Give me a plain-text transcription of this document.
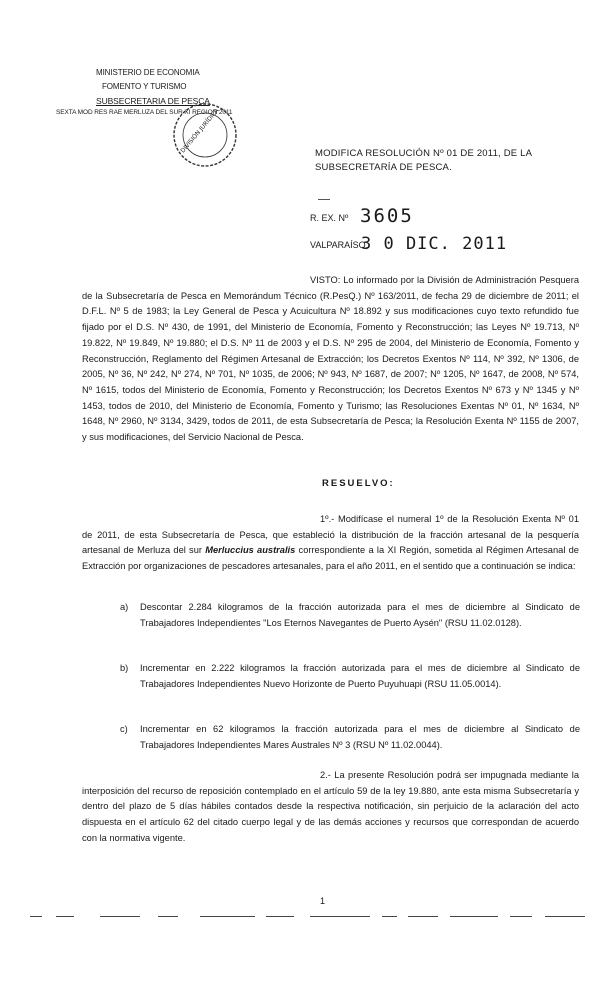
MINISTERIO DE ECONOMIA
FOMENTO Y TURISMO
SUBSECRETARIA DE PESCA
SEXTA MOD RES RAE MERLUZA DEL SUR XI REGION 2011
DIVISIÓN JURÍDICA	MODIFICA RESOLUCIÓN Nº 01 DE 2011, DE LA SUBSECRETARÍA DE PESCA.
R. EX. Nº 3605
VALPARAÍSO,
3 0 DIC. 2011
VISTO: Lo informado por la División de Administración Pesquera de la Subsecretaría de Pesca en Memorándum Técnico (R.PesQ.) Nº 163/2011, de fecha 29 de diciembre de 2011; el D.F.L. Nº 5 de 1983; la Ley General de Pesca y Acuicultura Nº 18.892 y sus modificaciones cuyo texto refundido fue fijado por el D.S. Nº 430, de 1991, del Ministerio de Economía, Fomento y Reconstrucción; las Leyes Nº 19.713, Nº 19.822, Nº 19.849, Nº 19.880; el D.S. Nº 11 de 2003 y el D.S. Nº 295 de 2004, del Ministerio de Economía, Fomento y Reconstrucción, Reglamento del Régimen Artesanal de Extracción; los Decretos Exentos Nº 114, Nº 392, Nº 1306, de 2005, Nº 36, Nº 242, Nº 274, Nº 701, Nº 1035, de 2006; Nº 943, Nº 1687, de 2007; Nº 1205, Nº 1647, de 2008, Nº 574, Nº 1615, todos del Ministerio de Economía, Fomento y Reconstrucción; los Decretos Exentos Nº 673 y Nº 1345 y Nº 1453, todos de 2010, del Ministerio de Economía, Fomento y Turismo; las Resoluciones Exentas Nº 01, Nº 1634, Nº 1648, Nº 2960, Nº 3134, 3429, todos de 2011, de esta Subsecretaría de Pesca; la Resolución Exenta Nº 1155 de 2007, y sus modificaciones, del Servicio Nacional de Pesca.
RESUELVO:
1º.- Modifícase el numeral 1º de la Resolución Exenta Nº 01 de 2011, de esta Subsecretaría de Pesca, que estableció la distribución de la fracción artesanal de la pesquería artesanal de Merluza del sur Merluccius australis correspondiente a la XI Región, sometida al Régimen Artesanal de Extracción por organizaciones de pescadores artesanales, para el año 2011, en el sentido que a continuación se indica:
a) Descontar 2.284 kilogramos de la fracción autorizada para el mes de diciembre al Sindicato de Trabajadores Independientes "Los Eternos Navegantes de Puerto Aysén" (RSU 11.02.0128).
b) Incrementar en 2.222 kilogramos la fracción autorizada para el mes de diciembre al Sindicato de Trabajadores Independientes Nuevo Horizonte de Puerto Puyuhuapi (RSU 11.05.0014).
c) Incrementar en 62 kilogramos la fracción autorizada para el mes de diciembre al Sindicato de Trabajadores Independientes Mares Australes Nº 3 (RSU Nº 11.02.0044).
2.- La presente Resolución podrá ser impugnada mediante la interposición del recurso de reposición contemplado en el artículo 59 de la ley 19.880, ante esta misma Subsecretaría y dentro del plazo de 5 días hábiles contados desde la respectiva notificación, sin perjuicio de la aclaración del acto dispuesta en el artículo 62 del citado cuerpo legal y de las demás acciones y recursos que correspondan de acuerdo con la normativa vigente.
1
